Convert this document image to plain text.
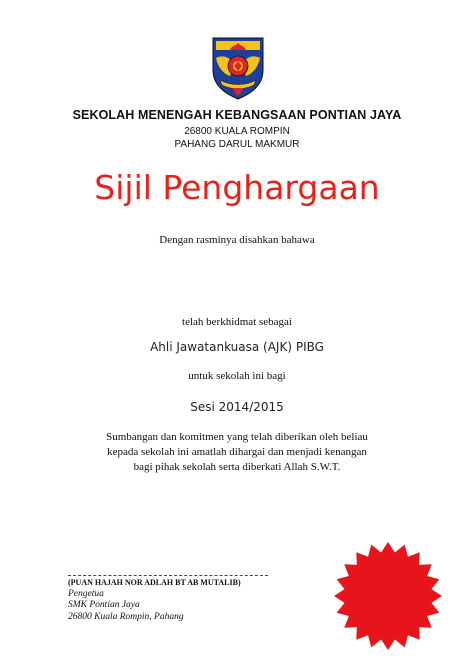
SEKOLAH MENENGAH KEBANGSAAN PONTIAN JAYA
26800 KUALA ROMPIN
PAHANG DARUL MAKMUR
Sijil Penghargaan
Dengan rasminya disahkan bahawa
telah berkhidmat sebagai
Ahli Jawatankuasa (AJK) PIBG
untuk sekolah ini bagi
Sesi 2014/2015
Sumbangan dan komitmen yang telah diberikan oleh beliau
kepada sekolah ini amatlah dihargai dan menjadi kenangan
bagi pihak sekolah serta diberkati Allah S.W.T.
(PUAN HAJAH NOR ADLAH BT AB MUTALIB)
Pengetua
SMK Pontian Jaya
26800 Kuala Rompin, Pahang
